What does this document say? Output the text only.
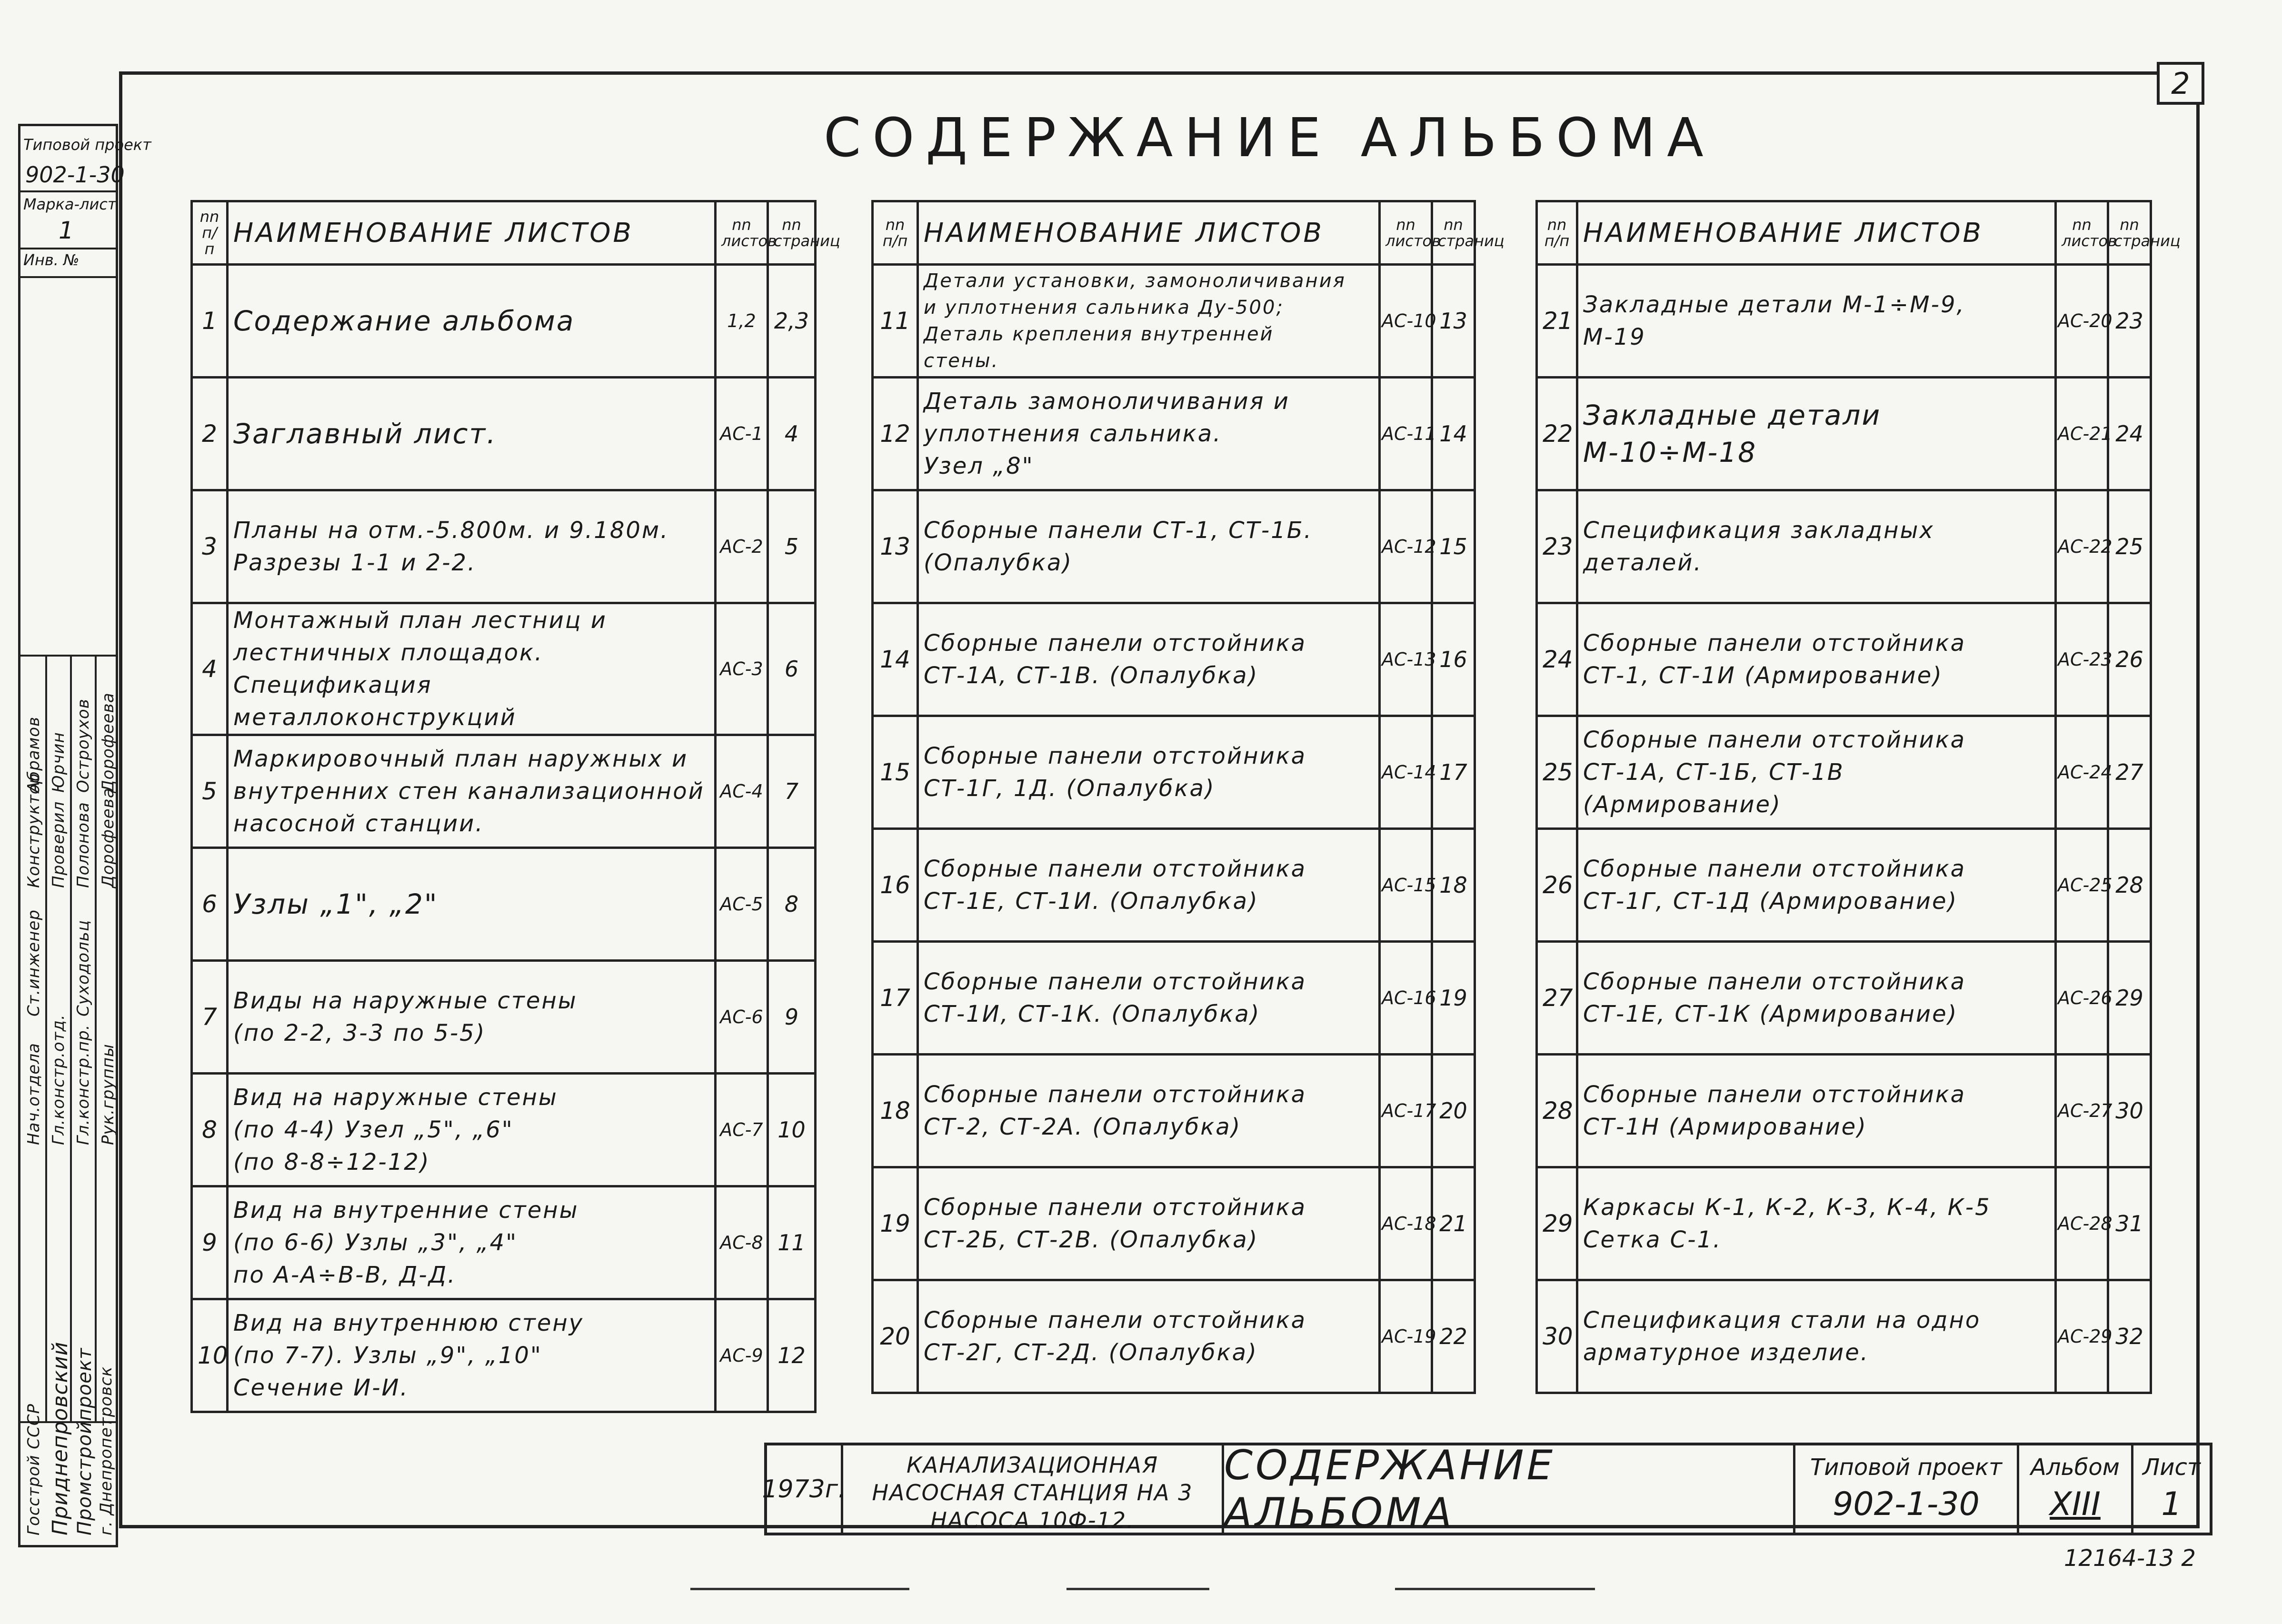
2
СОДЕРЖАНИЕ АЛЬБОМА
nn п/п	НАИМЕНОВАНИЕ ЛИСТОВ	nn листов	nn страниц
1	Содержание альбома	1,2	2,3
2	Заглавный лист.	АС-1	4
3	Планы на отм.-5.800м. и 9.180м.
Разрезы 1-1 и 2-2.	АС-2	5
4	Монтажный план лестниц и
лестничных площадок.
Спецификация металлоконструкций	АС-3	6
5	Маркировочный план наружных и
внутренних стен канализационной
насосной станции.	АС-4	7
6	Узлы „1", „2"	АС-5	8
7	Виды на наружные стены
(по 2-2, 3-3 по 5-5)	АС-6	9
8	Вид на наружные стены
(по 4-4) Узел „5", „6"
(по 8-8÷12-12)	АС-7	10
9	Вид на внутренние стены
(по 6-6) Узлы „3", „4"
по А-А÷В-В, Д-Д.	АС-8	11
10	Вид на внутреннюю стену
(по 7-7). Узлы „9", „10"
Сечение И-И.	АС-9	12
nn п/п	НАИМЕНОВАНИЕ ЛИСТОВ	nn листов	nn страниц
11	Детали установки, замоноличивания
и уплотнения сальника Ду-500;
Деталь крепления внутренней
стены.	АС-10	13
12	Деталь замоноличивания и
уплотнения сальника.
Узел „8"	АС-11	14
13	Сборные панели СТ-1, СТ-1Б.
(Опалубка)	АС-12	15
14	Сборные панели отстойника
СТ-1А, СТ-1В. (Опалубка)	АС-13	16
15	Сборные панели отстойника
СТ-1Г, 1Д. (Опалубка)	АС-14	17
16	Сборные панели отстойника
СТ-1Е, СТ-1И. (Опалубка)	АС-15	18
17	Сборные панели отстойника
СТ-1И, СТ-1К. (Опалубка)	АС-16	19
18	Сборные панели отстойника
СТ-2, СТ-2А. (Опалубка)	АС-17	20
19	Сборные панели отстойника
СТ-2Б, СТ-2В. (Опалубка)	АС-18	21
20	Сборные панели отстойника
СТ-2Г, СТ-2Д. (Опалубка)	АС-19	22
nn п/п	НАИМЕНОВАНИЕ ЛИСТОВ	nn листов	nn страниц
21	Закладные детали М-1÷М-9,
М-19	АС-20	23
22	Закладные детали М-10÷М-18	АС-21	24
23	Спецификация закладных
деталей.	АС-22	25
24	Сборные панели отстойника
СТ-1, СТ-1И (Армирование)	АС-23	26
25	Сборные панели отстойника
СТ-1А, СТ-1Б, СТ-1В (Армирование)	АС-24	27
26	Сборные панели отстойника
СТ-1Г, СТ-1Д (Армирование)	АС-25	28
27	Сборные панели отстойника
СТ-1Е, СТ-1К (Армирование)	АС-26	29
28	Сборные панели отстойника
СТ-1Н (Армирование)	АС-27	30
29	Каркасы К-1, К-2, К-3, К-4, К-5
Сетка С-1.	АС-28	31
30	Спецификация стали на одно
арматурное изделие.	АС-29	32
Типовой проект
902-1-30
Марка-лист
1
Инв. №
Нач.отдела Гл.констр.отд. Гл.констр.пр. Рук.группы
Ст.инженер
Конструктор Проверил
Абрамов Юрчин Остроухов Дорофеева
Суходольц
Полонова Дорофеева
Госстрой СССР Приднепровский Промстройпроект г. Днепропетровск	1973г.
КАНАЛИЗАЦИОННАЯ НАСОСНАЯ СТАНЦИЯ НА 3 НАСОСА 10Ф-12.
СОДЕРЖАНИЕ АЛЬБОМА
Типовой проект
902-1-30
Альбом
XIII
Лист
1
12164-13 2
